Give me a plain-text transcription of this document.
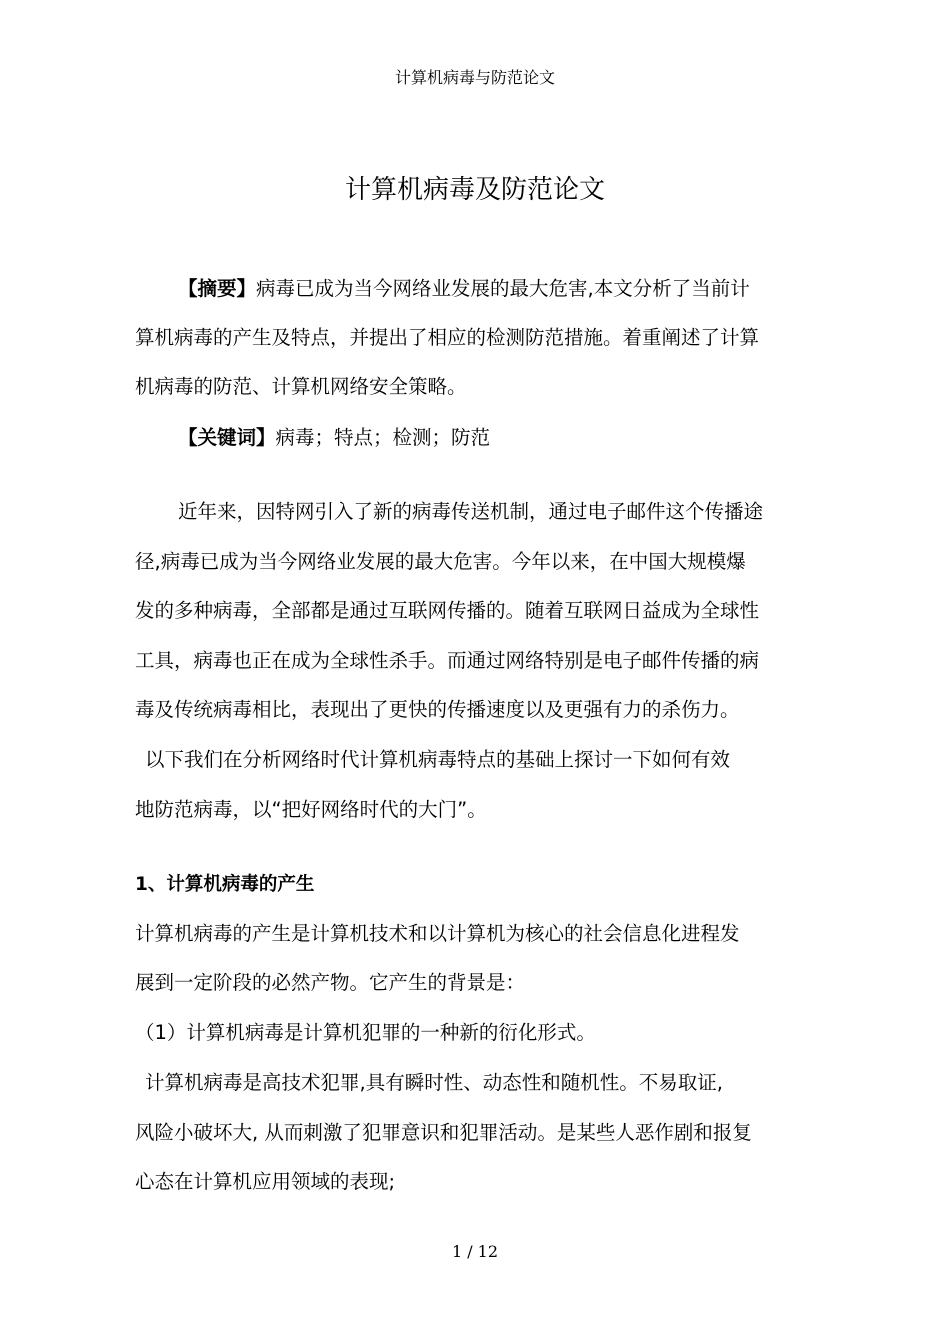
计算机病毒与防范论文
计算机病毒及防范论文
【摘要】病毒已成为当今网络业发展的最大危害,本文分析了当前计
算机病毒的产生及特点，并提出了相应的检测防范措施。着重阐述了计算
机病毒的防范、计算机网络安全策略。
【关键词】病毒；特点；检测；防范
近年来，因特网引入了新的病毒传送机制，通过电子邮件这个传播途
径,病毒已成为当今网络业发展的最大危害。今年以来，在中国大规模爆
发的多种病毒，全部都是通过互联网传播的。随着互联网日益成为全球性
工具，病毒也正在成为全球性杀手。而通过网络特别是电子邮件传播的病
毒及传统病毒相比，表现出了更快的传播速度以及更强有力的杀伤力。
以下我们在分析网络时代计算机病毒特点的基础上探讨一下如何有效
地防范病毒，以“把好网络时代的大门”。
1、计算机病毒的产生
计算机病毒的产生是计算机技术和以计算机为核心的社会信息化进程发
展到一定阶段的必然产物。它产生的背景是：
（1）计算机病毒是计算机犯罪的一种新的衍化形式。
计算机病毒是高技术犯罪,具有瞬时性、动态性和随机性。不易取证,
风险小破坏大, 从而刺激了犯罪意识和犯罪活动。是某些人恶作剧和报复
心态在计算机应用领域的表现;
1 / 12
